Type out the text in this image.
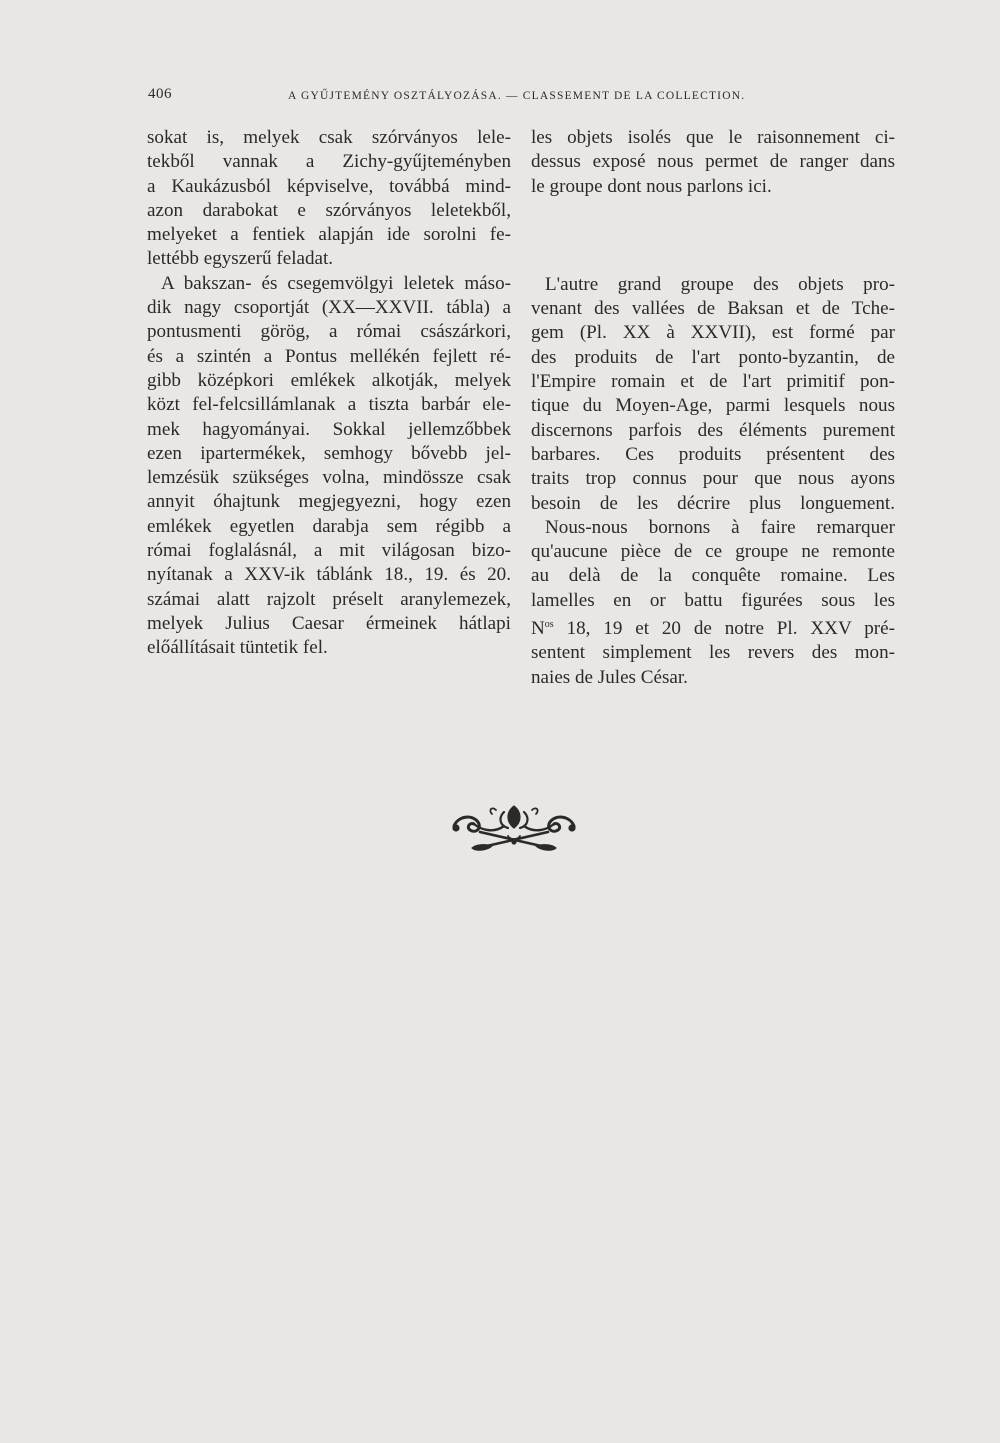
406	A GYŰJTEMÉNY OSZTÁLYOZÁSA. — CLASSEMENT DE LA COLLECTION.
sokat is, melyek csak szórványos lele-
tekből vannak a Zichy-gyűjteményben
a Kaukázusból képviselve, továbbá mind-
azon darabokat e szórványos leletekből,
melyeket a fentiek alapján ide sorolni fe-
lettébb egyszerű feladat.
A bakszan- és csegemvölgyi leletek máso-
dik nagy csoportját (XX—XXVII. tábla) a
pontusmenti görög, a római császárkori,
és a szintén a Pontus mellékén fejlett ré-
gibb középkori emlékek alkotják, melyek
közt fel-felcsillámlanak a tiszta barbár ele-
mek hagyományai. Sokkal jellemzőbbek
ezen ipartermékek, semhogy bővebb jel-
lemzésük szükséges volna, mindössze csak
annyit óhajtunk megjegyezni, hogy ezen
emlékek egyetlen darabja sem régibb a
római foglalásnál, a mit világosan bizo-
nyítanak a XXV-ik táblánk 18., 19. és 20.
számai alatt rajzolt préselt aranylemezek,
melyek Julius Caesar érmeinek hátlapi
előállításait tüntetik fel.
les objets isolés que le raisonnement ci-
dessus exposé nous permet de ranger dans
le groupe dont nous parlons ici.
L'autre grand groupe des objets pro-
venant des vallées de Baksan et de Tche-
gem (Pl. XX à XXVII), est formé par
des produits de l'art ponto-byzantin, de
l'Empire romain et de l'art primitif pon-
tique du Moyen-Age, parmi lesquels nous
discernons parfois des éléments purement
barbares. Ces produits présentent des
traits trop connus pour que nous ayons
besoin de les décrire plus longuement.
Nous-nous bornons à faire remarquer
qu'aucune pièce de ce groupe ne remonte
au delà de la conquête romaine. Les
lamelles en or battu figurées sous les
$N^{os}$ 18, 19 et 20 de notre Pl. XXV pré-
sentent simplement les revers des mon-
naies de Jules César.
